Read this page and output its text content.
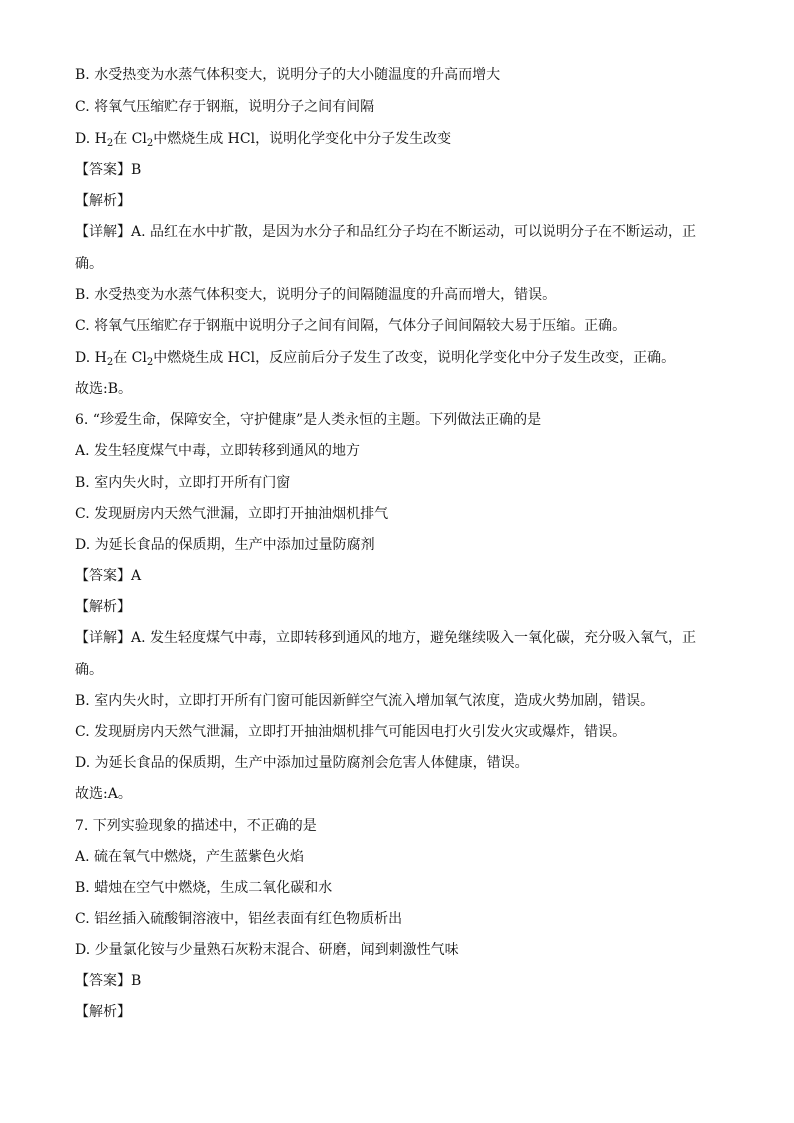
B. 水受热变为水蒸气体积变大，说明分子的大小随温度的升高而增大
C. 将氧气压缩贮存于钢瓶，说明分子之间有间隔
D. $H_2$在 $Cl_2$中燃烧生成 HCl，说明化学变化中分子发生改变
【答案】B
【解析】
【详解】A. 品红在水中扩散，是因为水分子和品红分子均在不断运动，可以说明分子在不断运动，正
确。
B. 水受热变为水蒸气体积变大，说明分子的间隔随温度的升高而增大，错误。
C. 将氧气压缩贮存于钢瓶中说明分子之间有间隔，气体分子间间隔较大易于压缩。正确。
D. $H_2$在 $Cl_2$中燃烧生成 HCl，反应前后分子发生了改变，说明化学变化中分子发生改变，正确。
故选:B。
6. “珍爱生命，保障安全，守护健康”是人类永恒的主题。下列做法正确的是
A. 发生轻度煤气中毒，立即转移到通风的地方
B. 室内失火时，立即打开所有门窗
C. 发现厨房内天然气泄漏，立即打开抽油烟机排气
D. 为延长食品的保质期，生产中添加过量防腐剂
【答案】A
【解析】
【详解】A. 发生轻度煤气中毒，立即转移到通风的地方，避免继续吸入一氧化碳，充分吸入氧气，正
确。
B. 室内失火时，立即打开所有门窗可能因新鲜空气流入增加氧气浓度，造成火势加剧，错误。
C. 发现厨房内天然气泄漏，立即打开抽油烟机排气可能因电打火引发火灾或爆炸，错误。
D. 为延长食品的保质期，生产中添加过量防腐剂会危害人体健康，错误。
故选:A。
7. 下列实验现象的描述中，不正确的是
A. 硫在氧气中燃烧，产生蓝紫色火焰
B. 蜡烛在空气中燃烧，生成二氧化碳和水
C. 铝丝插入硫酸铜溶液中，铝丝表面有红色物质析出
D. 少量氯化铵与少量熟石灰粉末混合、研磨，闻到刺激性气味
【答案】B
【解析】
